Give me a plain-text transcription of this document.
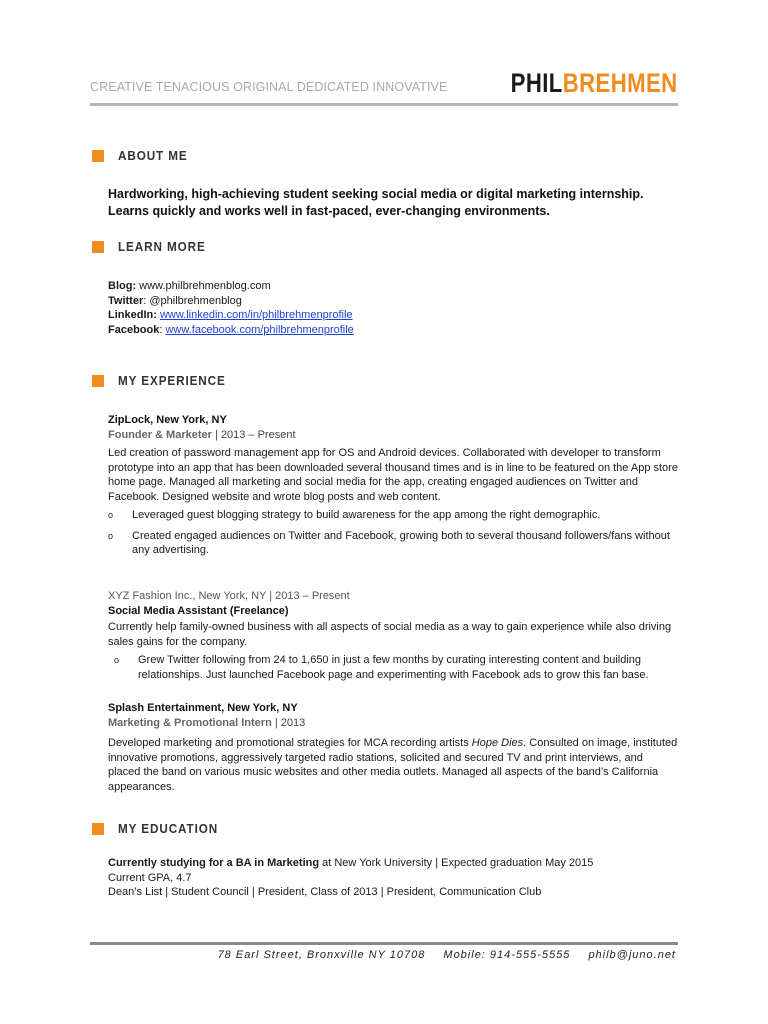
CREATIVE TENACIOUS ORIGINAL DEDICATED INNOVATIVE PHILBREHMEN
ABOUT ME
Hardworking, high-achieving student seeking social media or digital marketing internship. Learns quickly and works well in fast-paced, ever-changing environments.
LEARN MORE
Blog: www.philbrehmenblog.com
Twitter: @philbrehmenblog
LinkedIn: www.linkedin.com/in/philbrehmenprofile
Facebook: www.facebook.com/philbrehmenprofile
MY EXPERIENCE
ZipLock, New York, NY
Founder & Marketer | 2013 – Present

Led creation of password management app for OS and Android devices. Collaborated with developer to transform prototype into an app that has been downloaded several thousand times and is in line to be featured on the App store home page. Managed all marketing and social media for the app, creating engaged audiences on Twitter and Facebook. Designed website and wrote blog posts and web content.

o Leveraged guest blogging strategy to build awareness for the app among the right demographic.
o Created engaged audiences on Twitter and Facebook, growing both to several thousand followers/fans without any advertising.
XYZ Fashion Inc., New York, NY | 2013 – Present
Social Media Assistant (Freelance)

Currently help family-owned business with all aspects of social media as a way to gain experience while also driving sales gains for the company.

o Grew Twitter following from 24 to 1,650 in just a few months by curating interesting content and building relationships. Just launched Facebook page and experimenting with Facebook ads to grow this fan base.
Splash Entertainment, New York, NY
Marketing & Promotional Intern | 2013

Developed marketing and promotional strategies for MCA recording artists Hope Dies. Consulted on image, instituted innovative promotions, aggressively targeted radio stations, solicited and secured TV and print interviews, and placed the band on various music websites and other media outlets. Managed all aspects of the band’s California appearances.

MY EDUCATION
Currently studying for a BA in Marketing at New York University | Expected graduation May 2015
Current GPA, 4.7
Dean’s List | Student Council | President, Class of 2013 | President, Communication Club
78 Earl Street, Bronxville NY 10708 Mobile: 914-555-5555 philb@juno.net
